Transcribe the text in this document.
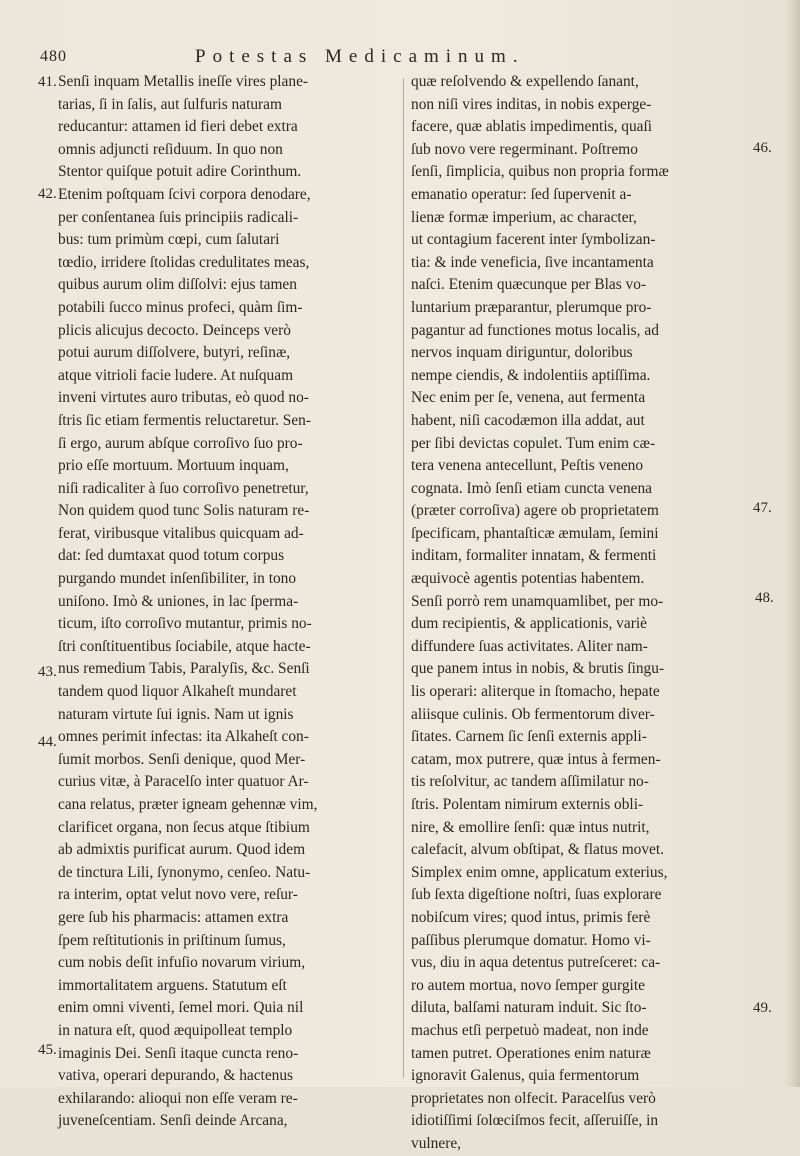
480	Potestas Medicaminum.
Senſi inquam Metallis ineſſe vires plane-
tarias, ſi in ſalis, aut ſulfuris naturam
reducantur: attamen id fieri debet extra
omnis adjuncti reſiduum. In quo non
Stentor quiſque potuit adire Corinthum.
Etenim poſtquam ſcivi corpora denodare,
per conſentanea ſuis principiis radicali-
bus: tum primùm cœpi, cum ſalutari
tœdio, irridere ſtolidas credulitates meas,
quibus aurum olim diſſolvi: ejus tamen
potabili ſucco minus profeci, quàm ſim-
plicis alicujus decocto. Deinceps verò
potui aurum diſſolvere, butyri, reſinæ,
atque vitrioli facie ludere. At nuſquam
inveni virtutes auro tributas, eò quod no-
ſtris ſic etiam fermentis reluctaretur. Sen-
ſi ergo, aurum abſque corroſivo ſuo pro-
prio eſſe mortuum. Mortuum inquam,
niſi radicaliter à ſuo corroſivo penetretur,
Non quidem quod tunc Solis naturam re-
ferat, viribusque vitalibus quicquam ad-
dat: ſed dumtaxat quod totum corpus
purgando mundet inſenſibiliter, in tono
uniſono. Imò & uniones, in lac ſperma-
ticum, iſto corroſivo mutantur, primis no-
ſtri conſtituentibus ſociabile, atque hacte-
nus remedium Tabis, Paralyſis, &c. Senſi
tandem quod liquor Alkaheſt mundaret
naturam virtute ſui ignis. Nam ut ignis
omnes perimit infectas: ita Alkaheſt con-
ſumit morbos. Senſi denique, quod Mer-
curius vitæ, à Paracelſo inter quatuor Ar-
cana relatus, præter igneam gehennæ vim,
clarificet organa, non ſecus atque ſtibium
ab admixtis purificat aurum. Quod idem
de tinctura Lili, ſynonymo, cenſeo. Natu-
ra interim, optat velut novo vere, reſur-
gere ſub his pharmacis: attamen extra
ſpem reſtitutionis in priſtinum ſumus,
cum nobis deſit infuſio novarum virium,
immortalitatem arguens. Statutum eſt
enim omni viventi, ſemel mori. Quia nil
in natura eſt, quod æquipolleat templo
imaginis Dei. Senſi itaque cuncta reno-
vativa, operari depurando, & hactenus
exhilarando: alioqui non eſſe veram re-
juveneſcentiam. Senſi deinde Arcana,
quæ reſolvendo & expellendo ſanant,
non niſi vires inditas, in nobis experge-
facere, quæ ablatis impedimentis, quaſi
ſub novo vere regerminant. Poſtremo
ſenſi, ſimplicia, quibus non propria formæ
emanatio operatur: ſed ſupervenit a-
lienæ formæ imperium, ac character,
ut contagium facerent inter ſymbolizan-
tia: & inde veneficia, ſive incantamenta
naſci. Etenim quæcunque per Blas vo-
luntarium præparantur, plerumque pro-
pagantur ad functiones motus localis, ad
nervos inquam diriguntur, doloribus
nempe ciendis, & indolentiis aptiſſima.
Nec enim per ſe, venena, aut fermenta
habent, niſi cacodæmon illa addat, aut
per ſibi devictas copulet. Tum enim cæ-
tera venena antecellunt, Peſtis veneno
cognata. Imò ſenſi etiam cuncta venena
(præter corroſiva) agere ob proprietatem
ſpecificam, phantaſticæ æmulam, ſemini
inditam, formaliter innatam, & fermenti
æquivocè agentis potentias habentem.
Senſi porrò rem unamquamlibet, per mo-
dum recipientis, & applicationis, variè
diffundere ſuas activitates. Aliter nam-
que panem intus in nobis, & brutis ſingu-
lis operari: aliterque in ſtomacho, hepate
aliisque culinis. Ob fermentorum diver-
ſitates. Carnem ſic ſenſi externis appli-
catam, mox putrere, quæ intus à fermen-
tis reſolvitur, ac tandem aſſimilatur no-
ſtris. Polentam nimirum externis obli-
nire, & emollire ſenſi: quæ intus nutrit,
calefacit, alvum obſtipat, & flatus movet.
Simplex enim omne, applicatum exterius,
ſub ſexta digeſtione noſtri, ſuas explorare
nobiſcum vires; quod intus, primis ferè
paſſibus plerumque domatur. Homo vi-
vus, diu in aqua detentus putreſceret: ca-
ro autem mortua, novo ſemper gurgite
diluta, balſami naturam induit. Sic ſto-
machus etſi perpetuò madeat, non inde
tamen putret. Operationes enim naturæ
ignoravit Galenus, quia fermentorum
proprietates non olfecit. Paracelſus verò
idiotiſſimi ſolœciſmos fecit, aſſeruiſſe, in
vulnere,
41.
42.
43.
44.
45.
46.
47.
48.
49.
